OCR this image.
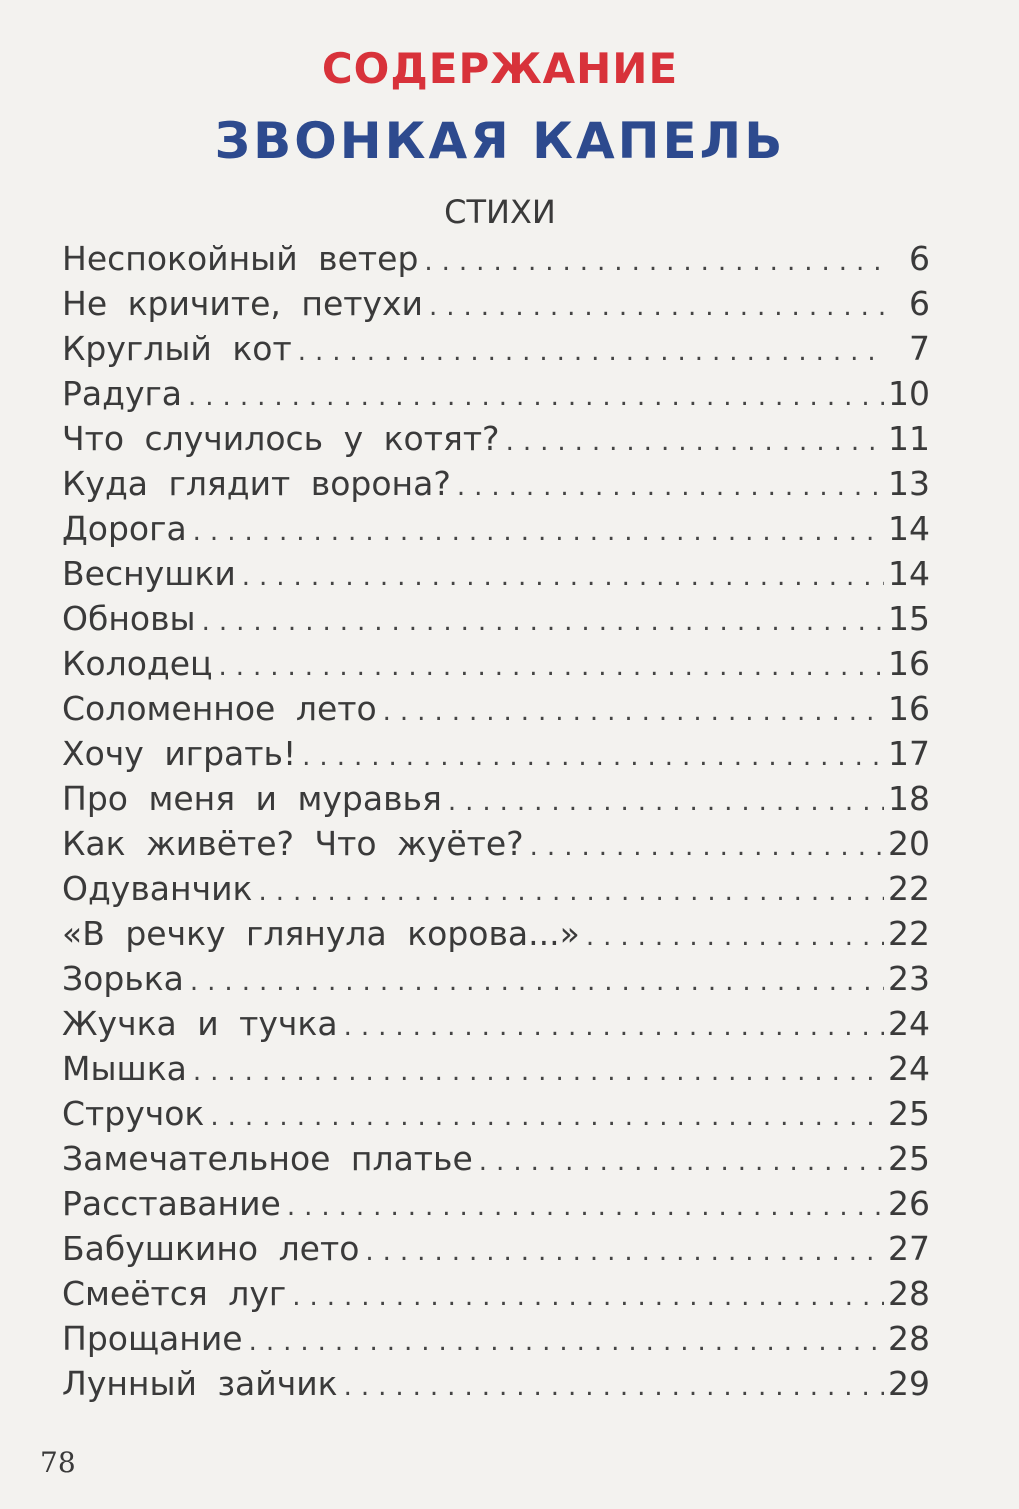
СОДЕРЖАНИЕ
ЗВОНКАЯ КАПЕЛЬ
СТИХИ
Неспокойный ветер .....	6
Не кричите, петухи .....	6
Круглый кот .....	7
Радуга .....	10
Что случилось у котят? .....	11
Куда глядит ворона? .....	13
Дорога .....	14
Веснушки .....	14
Обновы .....	15
Колодец .....	16
Соломенное лето .....	16
Хочу играть! .....	17
Про меня и муравья .....	18
Как живёте? Что жуёте? .....	20
Одуванчик .....	22
«В речку глянула корова...» .....	22
Зорька .....	23
Жучка и тучка .....	24
Мышка .....	24
Стручок .....	25
Замечательное платье .....	25
Расставание .....	26
Бабушкино лето .....	27
Смеётся луг .....	28
Прощание .....	28
Лунный зайчик .....	29
78
